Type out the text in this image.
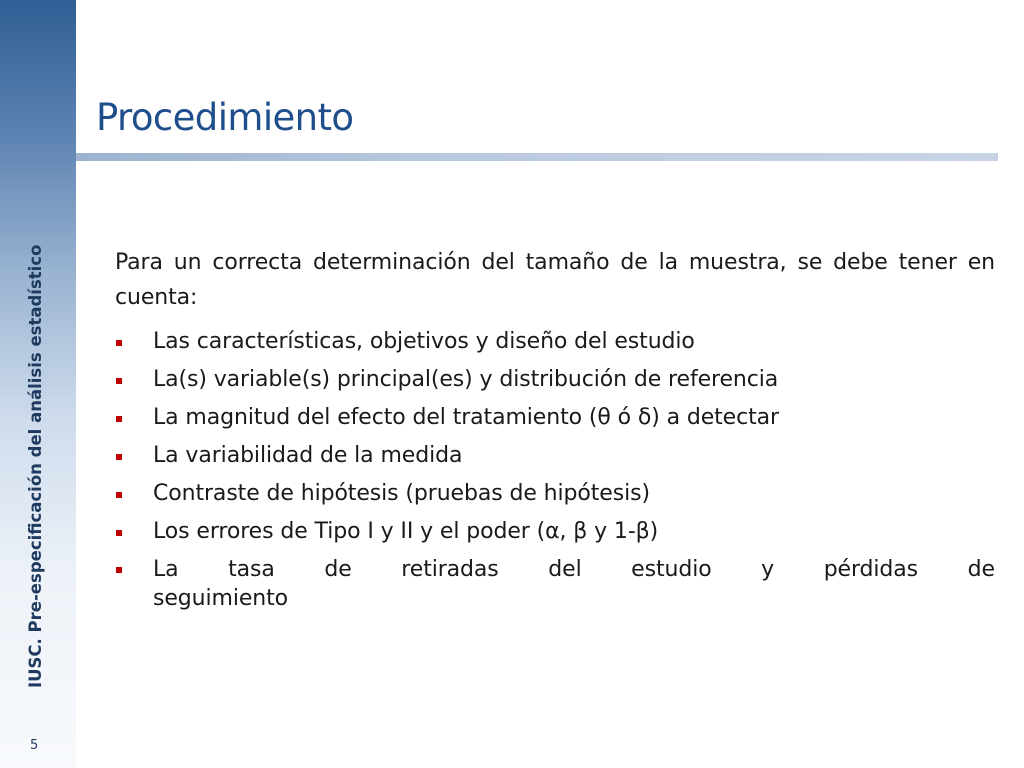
IUSC. Pre-especificación del análisis estadístico
5
Procedimiento

Para un correcta determinación del tamaño de la muestra, se debe tener en cuenta:

Las características, objetivos y diseño del estudio
La(s) variable(s) principal(es) y distribución de referencia
La magnitud del efecto del tratamiento (θ ó δ) a detectar
La variabilidad de la medida
Contraste de hipótesis (pruebas de hipótesis)
Los errores de Tipo I y II y el poder (α, β y 1-β)
La tasa de retiradas del estudio y pérdidas de
seguimiento
